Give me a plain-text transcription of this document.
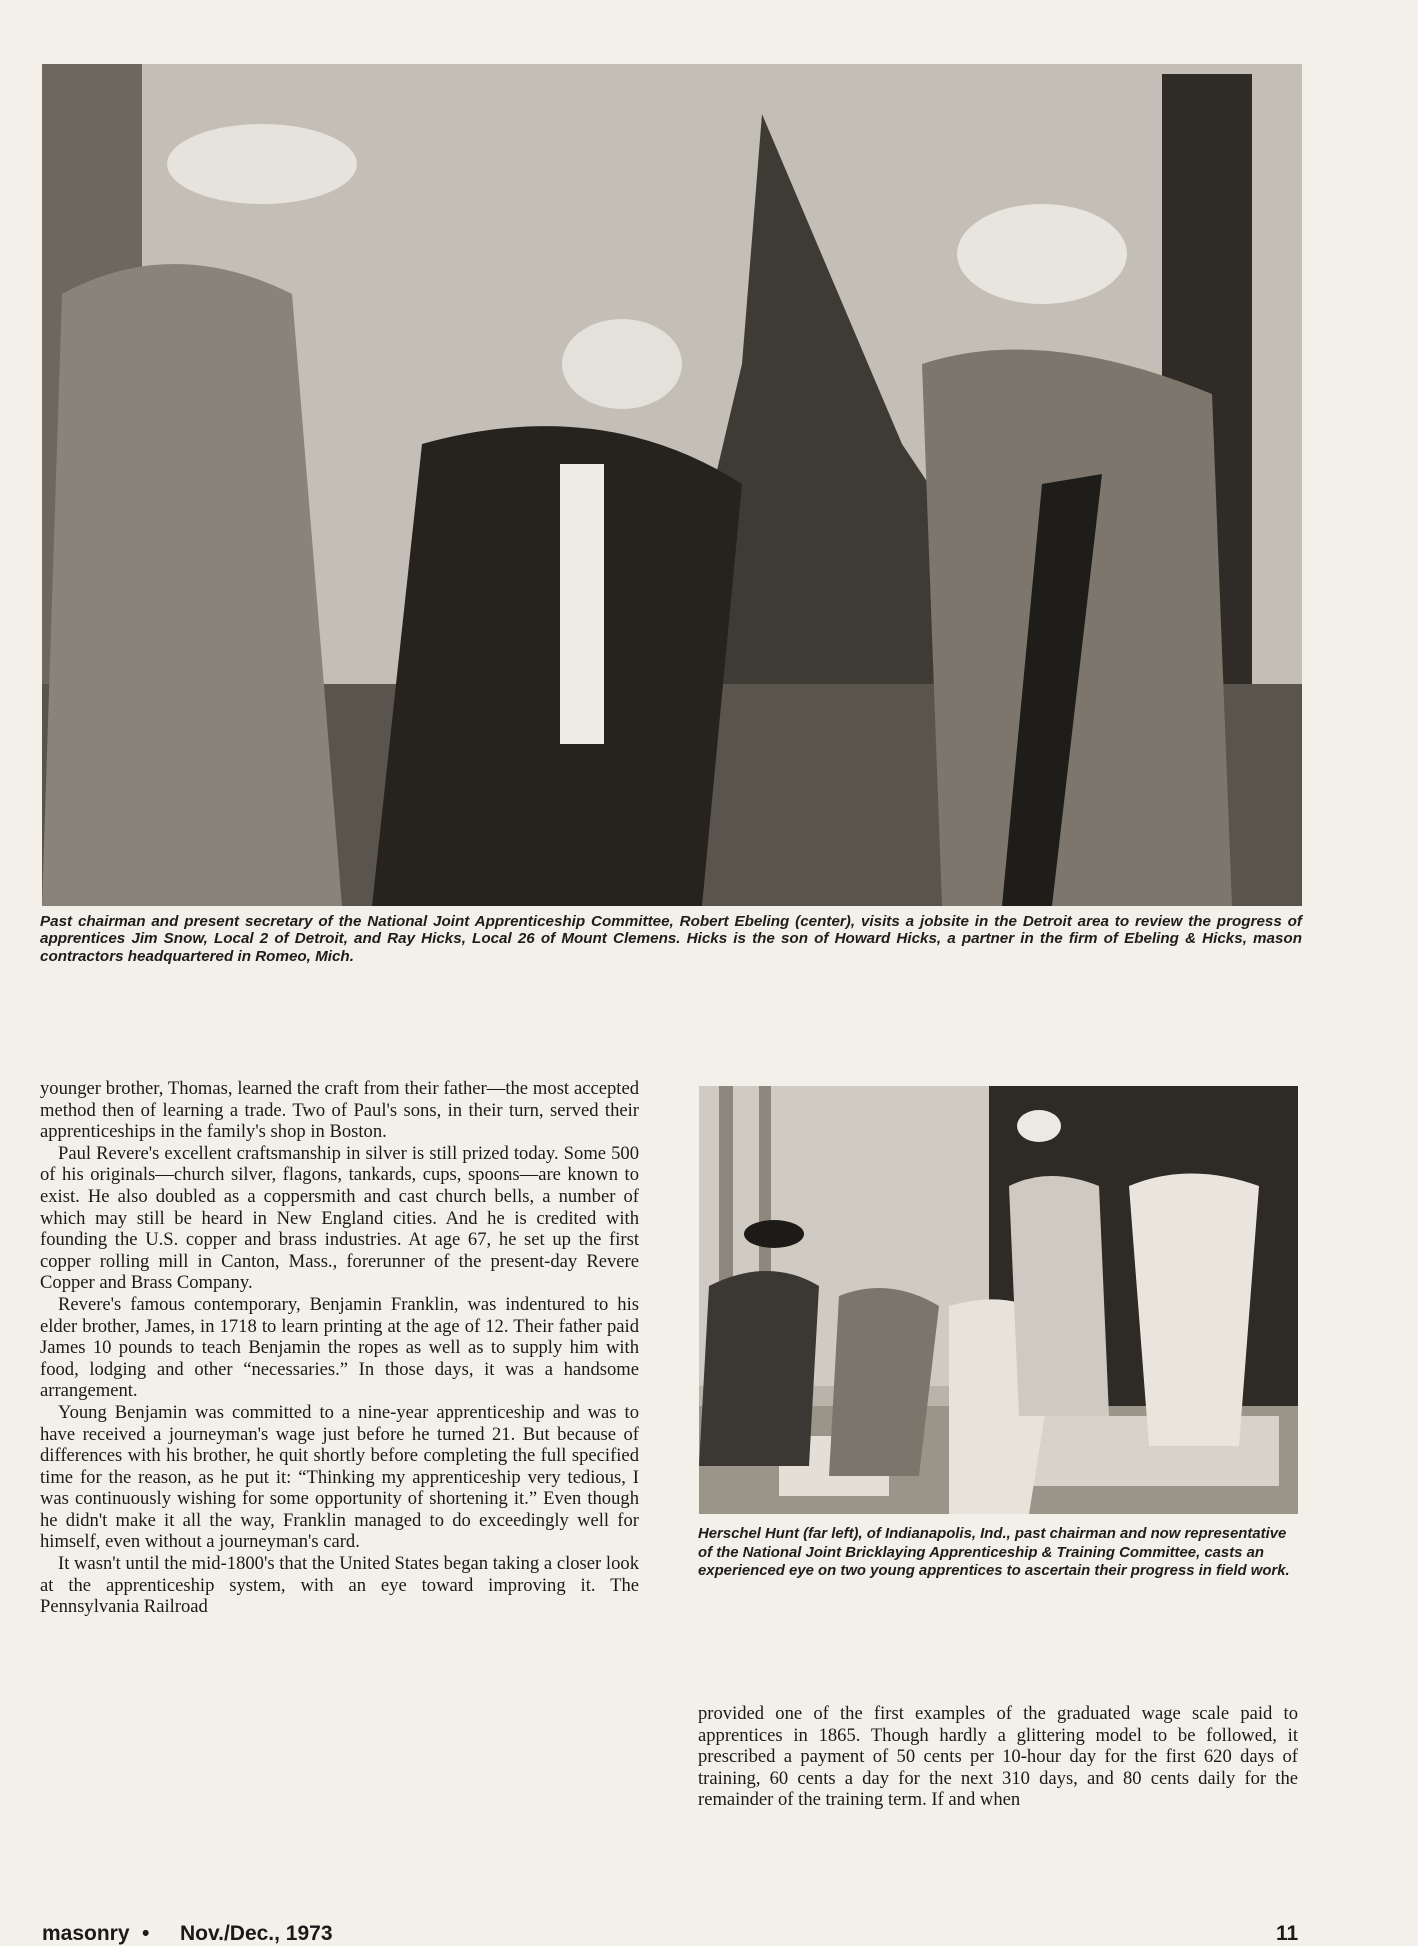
Past chairman and present secretary of the National Joint Apprenticeship Committee, Robert Ebeling (center), visits a jobsite in the Detroit area to review the progress of apprentices Jim Snow, Local 2 of Detroit, and Ray Hicks, Local 26 of Mount Clemens. Hicks is the son of Howard Hicks, a partner in the firm of Ebeling & Hicks, mason contractors headquartered in Romeo, Mich.

Herschel Hunt (far left), of Indianapolis, Ind., past chairman and now representative of the National Joint Bricklaying Apprenticeship & Training Committee, casts an experienced eye on two young apprentices to ascertain their progress in field work.

younger brother, Thomas, learned the craft from their father—the most accepted method then of learning a trade. Two of Paul's sons, in their turn, served their apprenticeships in the family's shop in Boston.

Paul Revere's excellent craftsmanship in silver is still prized today. Some 500 of his originals—church silver, flagons, tankards, cups, spoons—are known to exist. He also doubled as a coppersmith and cast church bells, a number of which may still be heard in New England cities. And he is credited with founding the U.S. copper and brass industries. At age 67, he set up the first copper rolling mill in Canton, Mass., forerunner of the present-day Revere Copper and Brass Company.

Revere's famous contemporary, Benjamin Franklin, was indentured to his elder brother, James, in 1718 to learn printing at the age of 12. Their father paid James 10 pounds to teach Benjamin the ropes as well as to supply him with food, lodging and other “necessaries.” In those days, it was a handsome arrangement.

Young Benjamin was committed to a nine-year apprenticeship and was to have received a journeyman's wage just before he turned 21. But because of differences with his brother, he quit shortly before completing the full specified time for the reason, as he put it: “Thinking my apprenticeship very tedious, I was continuously wishing for some opportunity of shortening it.” Even though he didn't make it all the way, Franklin managed to do exceedingly well for himself, even without a journeyman's card.

It wasn't until the mid-1800's that the United States began taking a closer look at the apprenticeship system, with an eye toward improving it. The Pennsylvania Railroad

provided one of the first examples of the graduated wage scale paid to apprentices in 1865. Though hardly a glittering model to be followed, it prescribed a payment of 50 cents per 10-hour day for the first 620 days of training, 60 cents a day for the next 310 days, and 80 cents daily for the remainder of the training term. If and when

masonry • Nov./Dec., 1973	11
